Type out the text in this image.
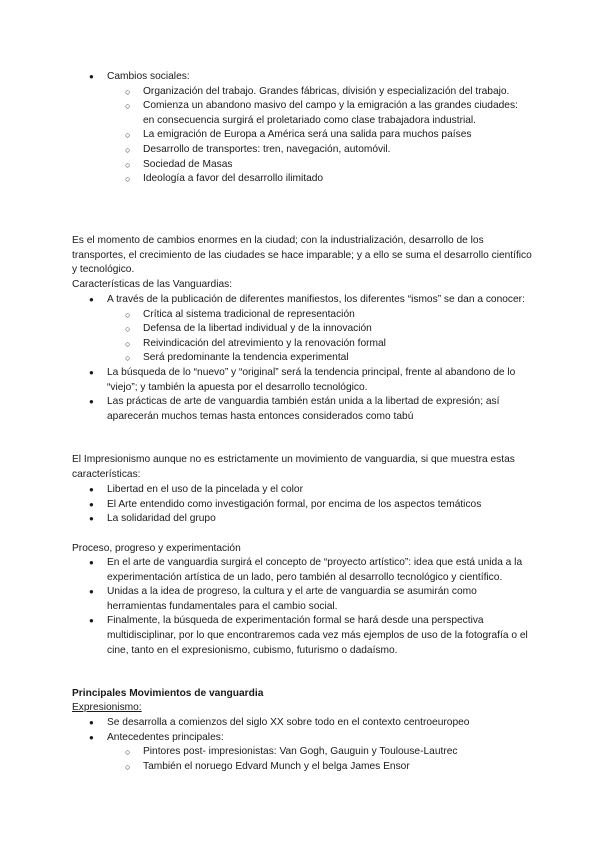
● Cambios sociales:
○ Organización del trabajo. Grandes fábricas, división y especialización del trabajo.
○ Comienza un abandono masivo del campo y la emigración a las grandes ciudades: en consecuencia surgirá el proletariado como clase trabajadora industrial.
○ La emigración de Europa a América será una salida para muchos países
○ Desarrollo de transportes: tren, navegación, automóvil.
○ Sociedad de Masas
○ Ideología a favor del desarrollo ilimitado

Es el momento de cambios enormes en la ciudad; con la industrialización, desarrollo de los transportes, el crecimiento de las ciudades se hace imparable; y a ello se suma el desarrollo científico y tecnológico.

Características de las Vanguardias:

● A través de la publicación de diferentes manifiestos, los diferentes “ismos” se dan a conocer:
○ Crítica al sistema tradicional de representación
○ Defensa de la libertad individual y de la innovación
○ Reivindicación del atrevimiento y la renovación formal
○ Será predominante la tendencia experimental
● La búsqueda de lo “nuevo” y “original” será la tendencia principal, frente al abandono de lo “viejo”; y también la apuesta por el desarrollo tecnológico.
● Las prácticas de arte de vanguardia también están unida a la libertad de expresión; así aparecerán muchos temas hasta entonces considerados como tabú

El Impresionismo aunque no es estrictamente un movimiento de vanguardia, si que muestra estas características:

● Libertad en el uso de la pincelada y el color
● El Arte entendido como investigación formal, por encima de los aspectos temáticos
● La solidaridad del grupo

Proceso, progreso y experimentación

● En el arte de vanguardia surgirá el concepto de “proyecto artístico”: idea que está unida a la experimentación artística de un lado, pero también al desarrollo tecnológico y científico.
● Unidas a la idea de progreso, la cultura y el arte de vanguardia se asumirán como herramientas fundamentales para el cambio social.
● Finalmente, la búsqueda de experimentación formal se hará desde una perspectiva multidisciplinar, por lo que encontraremos cada vez más ejemplos de uso de la fotografía o el cine, tanto en el expresionismo, cubismo, futurismo o dadaísmo.

Principales Movimientos de vanguardia

Expresionismo:

● Se desarrolla a comienzos del siglo XX sobre todo en el contexto centroeuropeo
● Antecedentes principales:
○ Pintores post- impresionistas: Van Gogh, Gauguin y Toulouse-Lautrec
○ También el noruego Edvard Munch y el belga James Ensor
